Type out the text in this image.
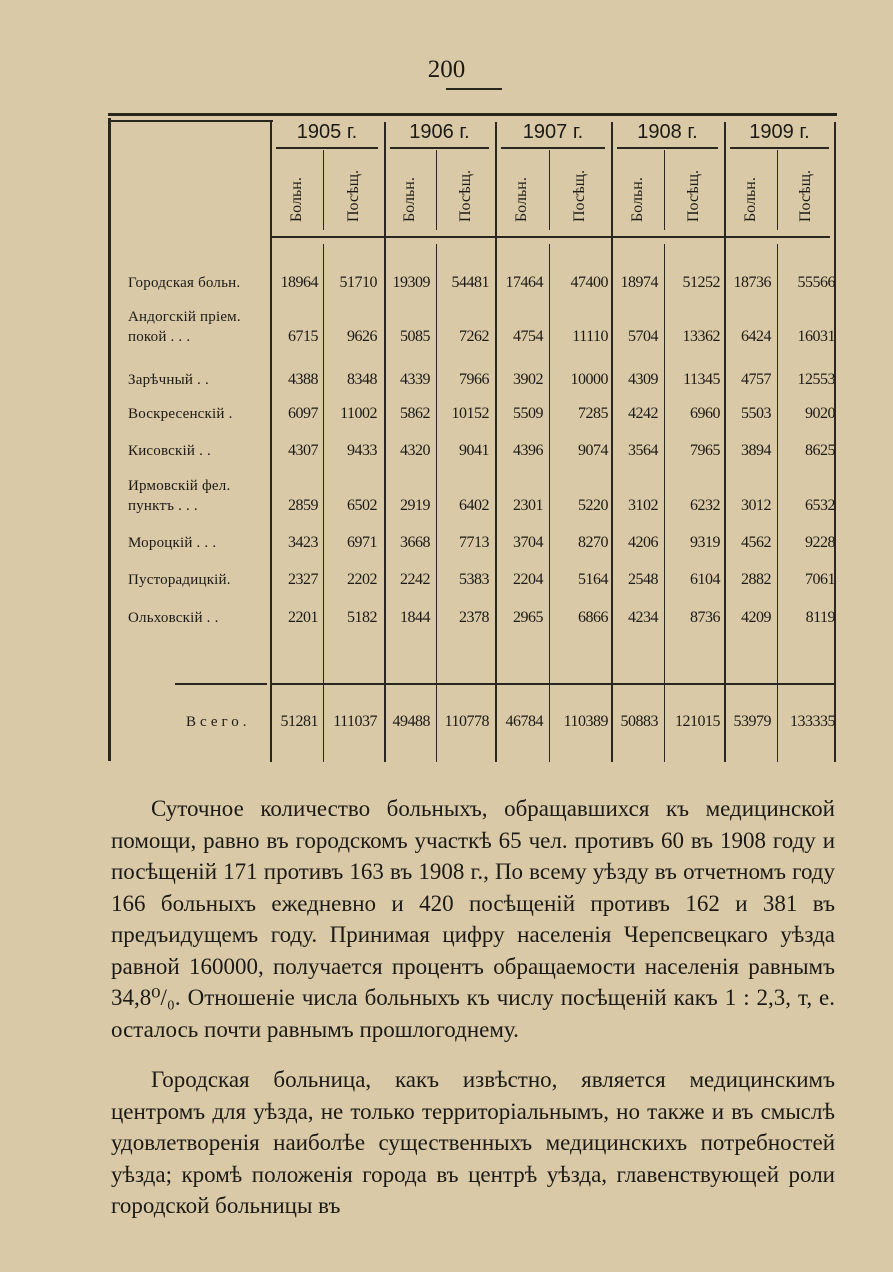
200
1905 г.	1906 г.	1907 г.	1908 г.	1909 г.
Больн.	Посѣщ. Больн. Посѣщ. Больн.	Посѣщ.	Больн. Посѣщ. Больн. Посѣщ.
Городская больн.	18964	51710 19309	54481	17464	47400 18974	51252 18736	55566
Андогскій пріем.
покой . . .	6715	9626	5085	7262	4754	11110	5704	13362	6424	16031
Зарѣчный . .	4388	8348	4339	7966	3902	10000	4309	11345	4757	12553
Воскресенскій .	6097	11002	5862	10152	5509	7285	4242	6960	5503	9020
Кисовскій . .	4307	9433	4320	9041	4396	9074	3564	7965	3894	8625
Ирмовскій фел.
пунктъ . . .	2859	6502	2919	6402	2301	5220	3102	6232	3012	6532
Мороцкій . . .	3423	6971	3668	7713	3704	8270	4206	9319	4562	9228
Пусторадицкій.	2327	2202	2242	5383	2204	5164	2548	6104	2882	7061
Ольховскій . .	2201	5182	1844	2378	2965	6866	4234	8736	4209	8119
Всего.	51281 111037 49488 110778	46784	110389 50883	121015 53979	133335

Суточное количество больныхъ, обращавшихся къ медицинской помощи, равно въ городскомъ участкѣ 65 чел. противъ 60 въ 1908 году и посѣщеній 171 противъ 163 въ 1908 г., По всему уѣзду въ отчетномъ году 166 больныхъ ежедневно и 420 посѣщеній противъ 162 и 381 въ предъидущемъ году. Принимая цифру населенія Черепсвецкаго уѣзда равной 160000, получается процентъ обращаемости населенія равнымъ 34,8⁰/₀. Отношеніе числа больныхъ къ числу посѣщеній какъ 1 : 2,3, т, е. осталось почти равнымъ прошлогоднему.

Городская больница, какъ извѣстно, является медицинскимъ центромъ для уѣзда, не только территоріальнымъ, но также и въ смыслѣ удовлетворенія наиболѣе существенныхъ медицинскихъ потребностей уѣзда; кромѣ положенія города въ центрѣ уѣзда, главенствующей роли городской больницы въ
